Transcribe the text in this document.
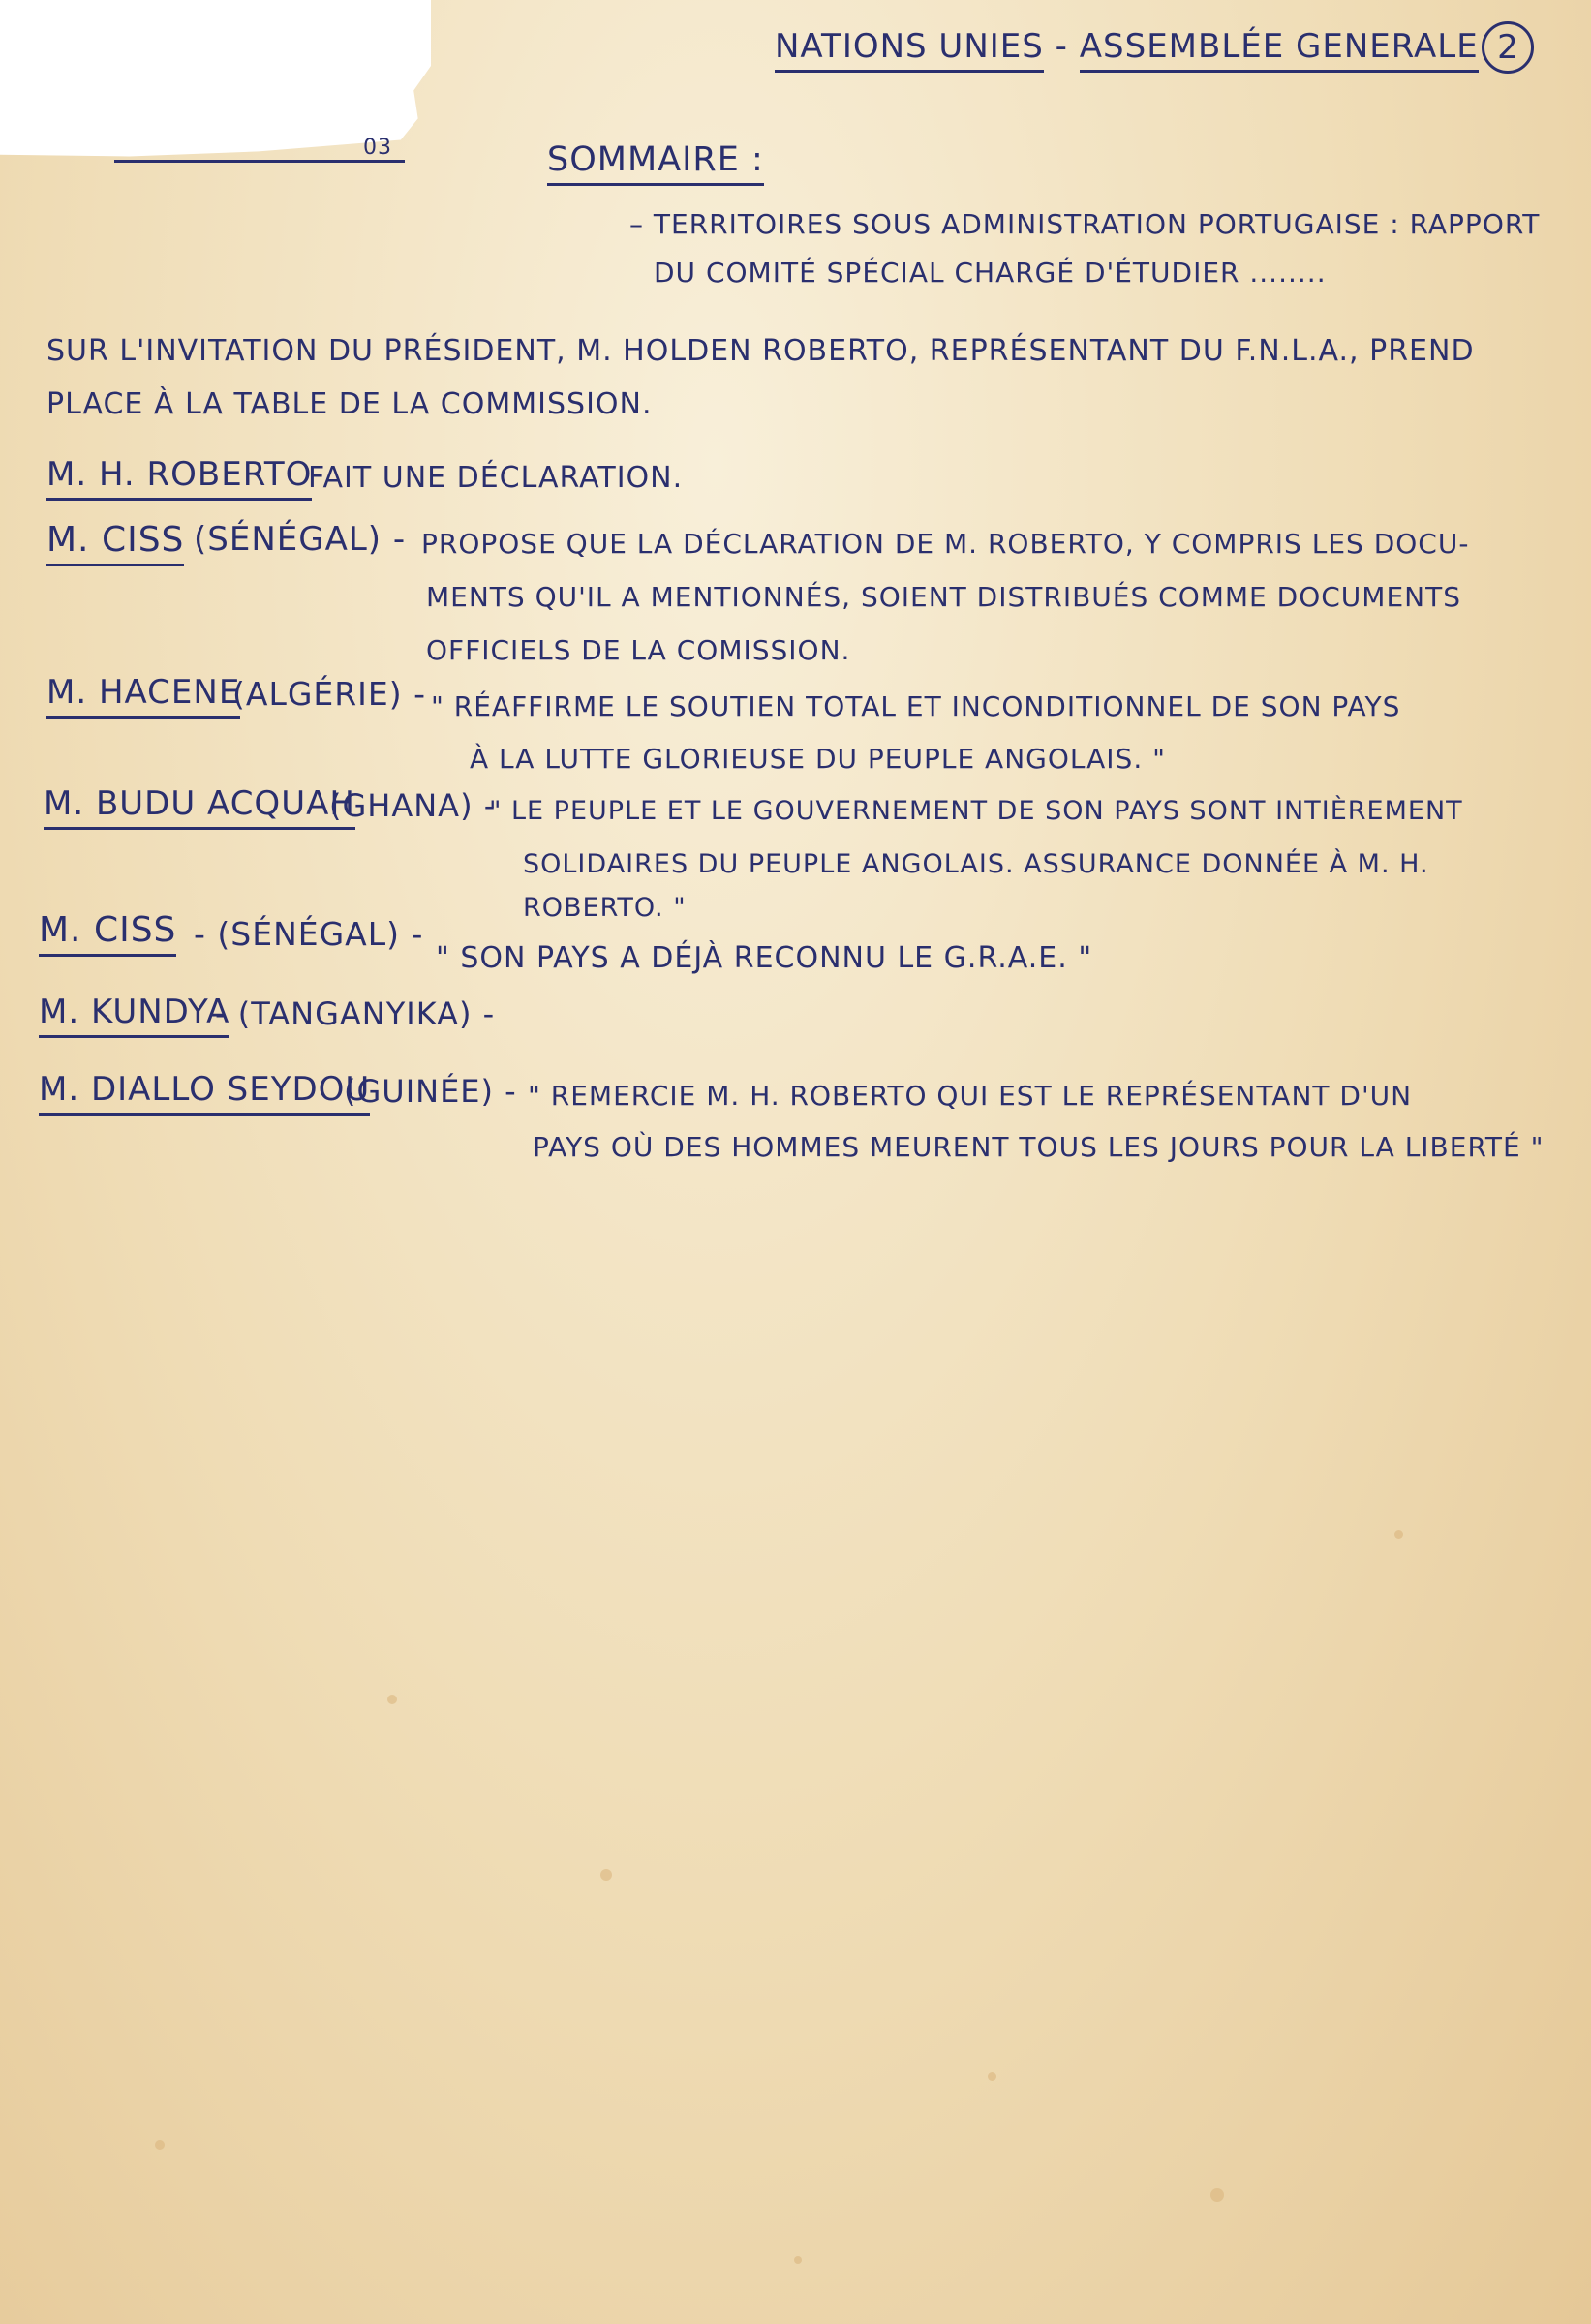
NATIONS UNIES - ASSEMBLÉE GENERALE 2
03	SOMMAIRE :
– TERRITOIRES SOUS ADMINISTRATION PORTUGAISE : RAPPORT
DU COMITÉ SPÉCIAL CHARGÉ D'ÉTUDIER ........
SUR L'INVITATION DU PRÉSIDENT, M. HOLDEN ROBERTO, REPRÉSENTANT DU F.N.L.A., PREND
PLACE À LA TABLE DE LA COMMISSION.
M. H. ROBERTO
FAIT UNE DÉCLARATION.
M. CISS (SÉNÉGAL) - PROPOSE QUE LA DÉCLARATION DE M. ROBERTO, Y COMPRIS LES DOCU-
MENTS QU'IL A MENTIONNÉS, SOIENT DISTRIBUÉS COMME DOCUMENTS
OFFICIELS DE LA COMISSION.
M. HACENE
(ALGÉRIE) - " RÉAFFIRME LE SOUTIEN TOTAL ET INCONDITIONNEL DE SON PAYS
À LA LUTTE GLORIEUSE DU PEUPLE ANGOLAIS. "
M. BUDU ACQUAH
(GHANA) -
" LE PEUPLE ET LE GOUVERNEMENT DE SON PAYS SONT INTIÈREMENT
SOLIDAIRES DU PEUPLE ANGOLAIS. ASSURANCE DONNÉE À M. H.
ROBERTO. "
M. CISS - (SÉNÉGAL) -
" SON PAYS A DÉJÀ RECONNU LE G.R.A.E. "
M. KUNDYA
- (TANGANYIKA) -
M. DIALLO SEYDOU
(GUINÉE) - " REMERCIE M. H. ROBERTO QUI EST LE REPRÉSENTANT D'UN
PAYS OÙ DES HOMMES MEURENT TOUS LES JOURS POUR LA LIBERTÉ "
